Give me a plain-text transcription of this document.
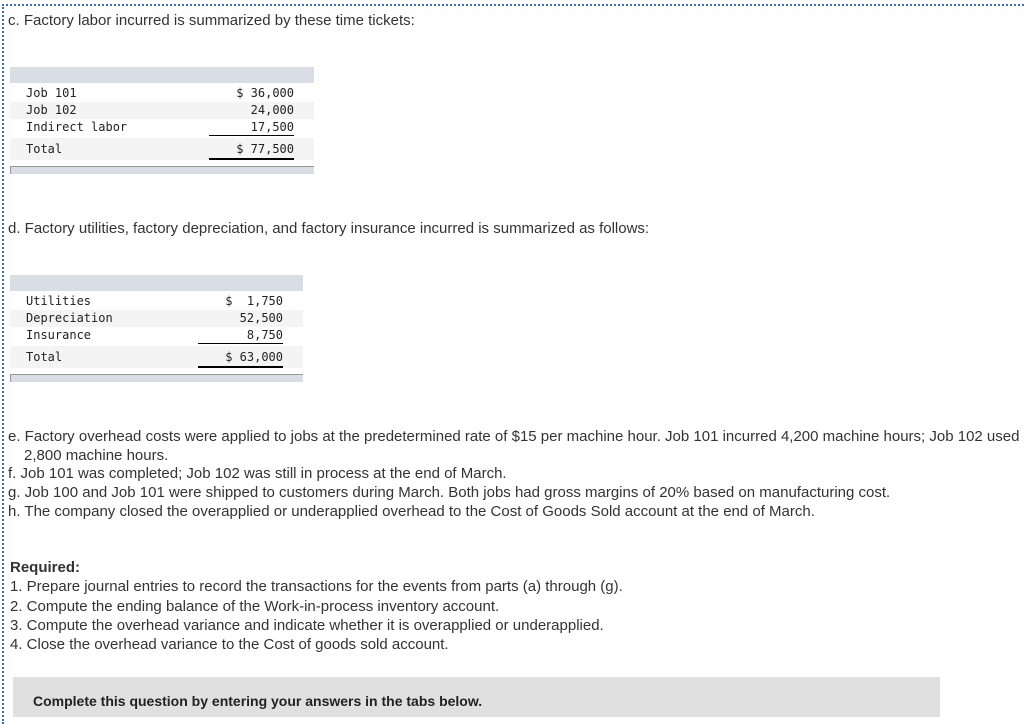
c. Factory labor incurred is summarized by these time tickets:
Job 101	$ 36,000
Job 102	24,000
Indirect labor	17,500
Total	$ 77,500
d. Factory utilities, factory depreciation, and factory insurance incurred is summarized as follows:
Utilities	$  1,750
Depreciation	52,500
Insurance	8,750
Total	$ 63,000
e. Factory overhead costs were applied to jobs at the predetermined rate of $15 per machine hour. Job 101 incurred 4,200 machine hours; Job 102 used 2,800 machine hours.
f. Job 101 was completed; Job 102 was still in process at the end of March.
g. Job 100 and Job 101 were shipped to customers during March. Both jobs had gross margins of 20% based on manufacturing cost.
h. The company closed the overapplied or underapplied overhead to the Cost of Goods Sold account at the end of March.
Required:
1. Prepare journal entries to record the transactions for the events from parts (a) through (g).
2. Compute the ending balance of the Work-in-process inventory account.
3. Compute the overhead variance and indicate whether it is overapplied or underapplied.
4. Close the overhead variance to the Cost of goods sold account.
Complete this question by entering your answers in the tabs below.
